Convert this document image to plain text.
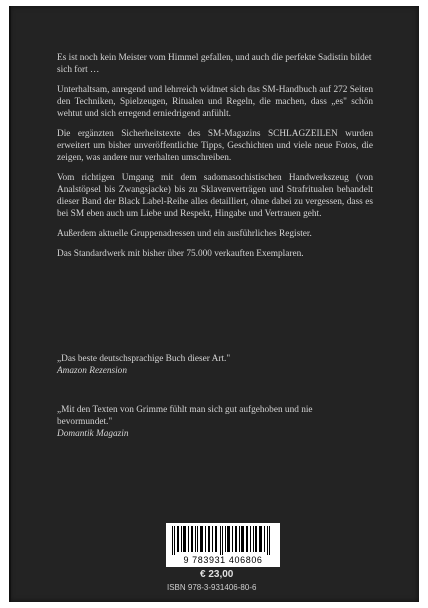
Es ist noch kein Meister vom Himmel gefallen, und auch die perfekte Sadistin bildet sich fort …

Unterhaltsam, anregend und lehrreich widmet sich das SM-Handbuch auf 272 Seiten den Techniken, Spielzeugen, Ritualen und Regeln, die machen, dass „es" schön wehtut und sich erregend erniedrigend anfühlt.

Die ergänzten Sicherheitstexte des SM-Magazins SCHLAGZEILEN wurden erweitert um bisher unveröffentlichte Tipps, Geschichten und viele neue Fotos, die zeigen, was andere nur verhalten umschreiben.

Vom richtigen Umgang mit dem sadomasochistischen Handwerkszeug (von Analstöpsel bis Zwangsjacke) bis zu Sklavenverträgen und Strafritualen behandelt dieser Band der Black Label-Reihe alles detailliert, ohne dabei zu vergessen, dass es bei SM eben auch um Liebe und Respekt, Hingabe und Vertrauen geht.

Außerdem aktuelle Gruppenadressen und ein ausführliches Register.

Das Standardwerk mit bisher über 75.000 verkauften Exemplaren.

„Das beste deutschsprachige Buch dieser Art."
Amazon Rezension
„Mit den Texten von Grimme fühlt man sich gut aufgehoben und nie bevormundet."
Domantik Magazin
9 783931 406806
€ 23,00
ISBN 978-3-931406-80-6
